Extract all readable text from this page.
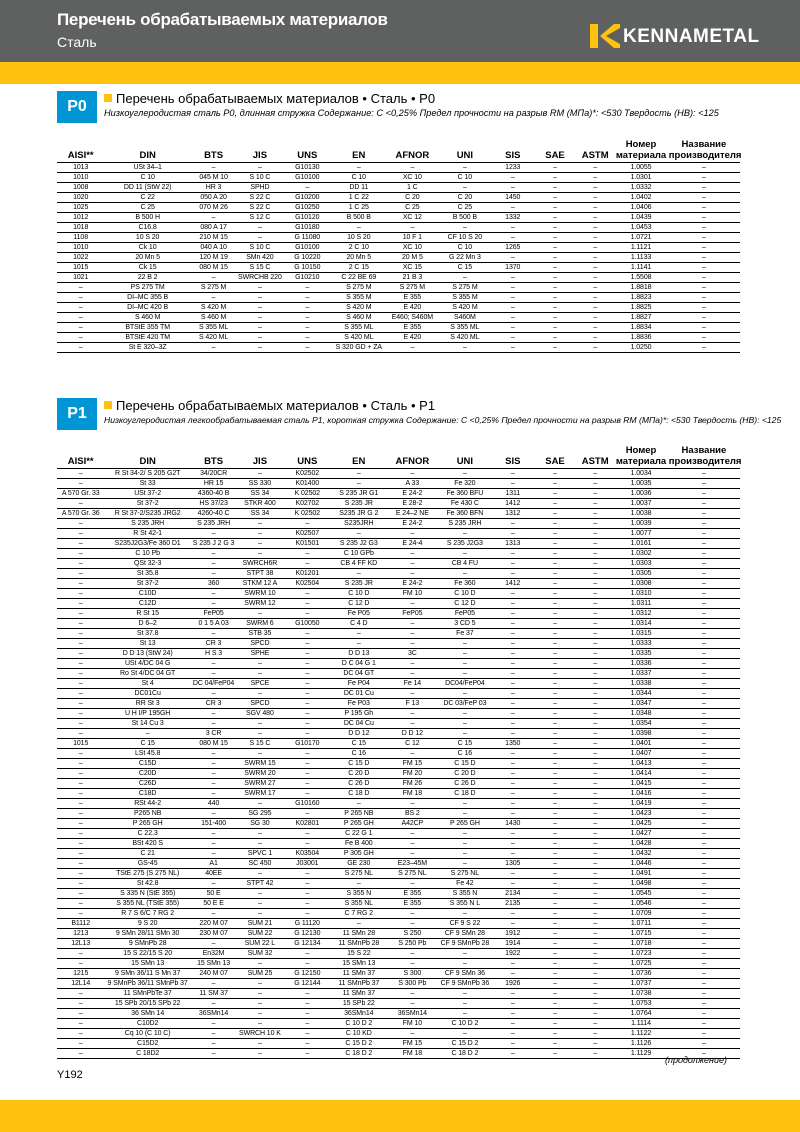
Перечень обрабатываемых материалов
Сталь	KENNAMETAL
P0	Перечень обрабатываемых материалов • Сталь • P0
Низкоуглеродистая сталь P0, длинная стружка Содержание: C <0,25% Предел прочности на разрыв RM (MПa)*: <530 Твердость (HB): <125
AISI**	DIN	BTS	JIS	UNS	EN	AFNOR	UNI	SIS	SAE	ASTM	Номер материала	Название производителя
1013	USt 34–1	–	–	G10130	–	–	–	1233	–	–	1.0055	–
1010	C 10	045 M 10	S 10 C	G10100	C 10	XC 10	C 10	–	–	–	1.0301	–
1008	DD 11 (StW 22)	HR 3	SPHD	–	DD 11	1 C	–	–	–	–	1.0332	–
1020	C 22	050 A 20	S 22 C	G10200	1 C 22	C 20	C 20	1450	–	–	1.0402	–
1025	C 25	070 M 26	S 22 C	G10250	1 C 25	C 25	C 25	–	–	–	1.0406	–
1012	B 500 H	–	S 12 C	G10120	B 500 B	XC 12	B 500 B	1332	–	–	1.0439	–
1018	C16.8	080 A 17	–	G10180	–	–	–	–	–	–	1.0453	–
1108	10 S 20	210 M 15	–	G 11080	10 S 20	10 F 1	CF 10 S 20	–	–	–	1.0721	–
1010	Ck 10	040 A 10	S 10 C	G10100	2 C 10	XC 10	C 10	1265	–	–	1.1121	–
1022	20 Mn 5	120 M 19	SMn 420	G 10220	20 Mn 5	20 M 5	G 22 Mn 3	–	–	–	1.1133	–
1015	Ck 15	080 M 15	S 15 C	G 10150	2 C 15	XC 15	C 15	1370	–	–	1.1141	–
1021	22 B 2	–	SWRCHB 220	G10210	C 22 BE 69	21 B 3	–	–	–	–	1.5508	–
–	PS 275 TM	S 275 M	–	–	S 275 M	S 275 M	S 275 M	–	–	–	1.8818	–
–	DI–MC 355 B	–	–	–	S 355 M	E 355	S 355 M	–	–	–	1.8823	–
–	DI–MC 420 B	S 420 M	–	–	S 420 M	E 420	S 420 M	–	–	–	1.8825	–
–	S 460 M	S 460 M	–	–	S 460 M	E460; S460M	S460M	–	–	–	1.8827	–
–	BTStE 355 TM	S 355 ML	–	–	S 355 ML	E 355	S 355 ML	–	–	–	1.8834	–
–	BTStE 420 TM	S 420 ML	–	–	S 420 ML	E 420	S 420 ML	–	–	–	1.8836	–
–	St E 320–3Z	–	–	–	S 320 GD + ZA	–	–	–	–	–	1.0250	–
P1	Перечень обрабатываемых материалов • Сталь • P1
Низкоуглеродистая легкообрабатываемая сталь P1, короткая стружка Содержание: C <0,25% Предел прочности на разрыв RM (MПa)*: <530 Твердость (HB): <125
AISI**	DIN	BTS	JIS	UNS	EN	AFNOR	UNI	SIS	SAE	ASTM	Номер материала	Название производителя
–	R St 34-2/ S 205 G2T	34/20CR	–	K02502	–	–	–	–	–	–	1.0034	–
–	St 33	HR 15	SS 330	K01400	–	A 33	Fe 320	–	–	–	1.0035	–
A 570 Gr. 33	USt 37-2	4360-40 B	SS 34	K 02502	S 235 JR G1	E 24-2	Fe 360 BFU	1311	–	–	1.0036	–
–	St 37-2	HS 37/23	STKR 400	K02702	S 235 JR	E 28-2	Fe 430 C	1412	–	–	1.0037	–
A 570 Gr. 36	R St 37-2/S235 JRG2	4260-40 C	SS 34	K 02502	S235 JR G 2	E 24–2 NE	Fe 360 BFN	1312	–	–	1.0038	–
–	S 235 JRH	S 235 JRH	–	–	S235JRH	E 24-2	S 235 JRH	–	–	–	1.0039	–
–	R St 42-1	–	–	K02507	–	–	–	–	–	–	1.0077	–
–	S235J2G3/Fe 360 D1	S 235 J 2 G 3	–	K01501	S 235 J2 G3	E 24-4	S 235 J2G3	1313	–	–	1.0161	–
–	C 10 Pb	–	–	–	C 10 GPb	–	–	–	–	–	1.0302	–
–	QSt 32-3	–	SWRCH6R	–	CB 4 FF KD	–	CB 4 FU	–	–	–	1.0303	–
–	St 35.8	–	STPT 38	K01201	–	–	–	–	–	–	1.0305	–
–	St 37-2	360	STKM 12 A	K02504	S 235 JR	E 24-2	Fe 360	1412	–	–	1.0308	–
–	C10D	–	SWRM 10	–	C 10 D	FM 10	C 10 D	–	–	–	1.0310	–
–	C12D	–	SWRM 12	–	C 12 D	–	C 12 D	–	–	–	1.0311	–
–	R St 15	FeP05	–	–	Fe P05	FeP05	FeP05	–	–	–	1.0312	–
–	D 6–2	0 1 5 A 03	SWRM 6	G10050	C 4 D	–	3 CD 5	–	–	–	1.0314	–
–	St 37.8	–	STB 35	–	–	–	Fe 37	–	–	–	1.0315	–
–	St 13	CR 3	SPCD	–	–	–	–	–	–	–	1.0333	–
–	D D 13 (StW 24)	H S 3	SPHE	–	D D 13	3C	–	–	–	–	1.0335	–
–	USt 4/DC 04 G	–	–	–	D C 04 G 1	–	–	–	–	–	1.0336	–
–	Ro St 4/DC 04 GT	–	–	–	DC 04 GT	–	–	–	–	–	1.0337	–
–	St 4	DC 04/FeP04	SPCE	–	Fe P04	Fe 14	DC04/FeP04	–	–	–	1.0338	–
–	DC01Cu	–	–	–	DC 01 Cu	–	–	–	–	–	1.0344	–
–	RR St 3	CR 3	SPCD	–	Fe P03	F 13	DC 03/FeP 03	–	–	–	1.0347	–
–	U H I/P 195GH	–	SGV 480	–	P 195 Gh	–	–	–	–	–	1.0348	–
–	St 14 Cu 3	–	–	–	DC 04 Cu	–	–	–	–	–	1.0354	–
–	–	3 CR	–	–	D D 12	D D 12	–	–	–	–	1.0398	–
1015	C 15	080 M 15	S 15 C	G10170	C 15	C 12	C 15	1350	–	–	1.0401	–
–	LSt 45.8	–	–	–	C 16	–	C 16	–	–	–	1.0407	–
–	C15D	–	SWRM 15	–	C 15 D	FM 15	C 15 D	–	–	–	1.0413	–
–	C20D	–	SWRM 20	–	C 20 D	FM 20	C 20 D	–	–	–	1.0414	–
–	C26D	–	SWRM 27	–	C 26 D	FM 26	C 26 D	–	–	–	1.0415	–
–	C18D	–	SWRM 17	–	C 18 D	FM 18	C 18 D	–	–	–	1.0416	–
–	RSt 44-2	440	–	G10160	–	–	–	–	–	–	1.0419	–
–	P265 NB	–	SG 295	–	P 265 NB	BS 2	–	–	–	–	1.0423	–
–	P 265 GH	151-400	SG 30	K02801	P 265 GH	A42CP	P 265 GH	1430	–	–	1.0425	–
–	C 22.3	–	–	–	C 22 G 1	–	–	–	–	–	1.0427	–
–	BSt 420 S	–	–	–	Fe B 400	–	–	–	–	–	1.0428	–
–	C 21	–	SPVC 1	K03504	P 305 GH	–	–	–	–	–	1.0432	–
–	GS-45	A1	SC 450	J03001	GE 230	E23–45M	–	1305	–	–	1.0446	–
–	TStE 275 (S 275 NL)	40EE	–	–	S 275 NL	S 275 NL	S 275 NL	–	–	–	1.0491	–
–	St 42.8	–	STPT 42	–	–	–	Fe 42	–	–	–	1.0498	–
–	S 335 N (StE 355)	50 E	–	–	S 355 N	E 355	S 355 N	2134	–	–	1.0545	–
–	S 355 NL (TStE 355)	50 E E	–	–	S 355 NL	E 355	S 355 N L	2135	–	–	1.0546	–
–	R 7 S 6/C 7 RG 2	–	–	–	C 7 RG 2	–	–	–	–	–	1.0709	–
B1112	9 S 20	220 M 07	SUM 21	G 11120	–	–	CF 9 S 22	–	–	–	1.0711	–
1213	9 SMn 28/11 SMn 30	230 M 07	SUM 22	G 12130	11 SMn 28	S 250	CF 9 SMn 28	1912	–	–	1.0715	–
12L13	9 SMnPb 28	–	SUM 22 L	G 12134	11 SMnPb 28	S 250 Pb	CF 9 SMnPb 28	1914	–	–	1.0718	–
–	15 S 22/15 S 20	En32M	SUM 32	–	15 S 22	–	–	1922	–	–	1.0723	–
–	15 SMn 13	15 SMn 13	–	–	15 SMn 13	–	–	–	–	–	1.0725	–
1215	9 SMn 36/11 S Mn 37	240 M 07	SUM 25	G 12150	11 SMn 37	S 300	CF 9 SMn 36	–	–	–	1.0736	–
12L14	9 SMnPb 36/11 SMnPb 37	–	–	G 12144	11 SMnPb 37	S 300 Pb	CF 9 SMnPb 36	1926	–	–	1.0737	–
–	11 SMnPbTe 37	11 SM 37	–	–	11 SMn 37	–	–	–	–	–	1.0738	–
–	15 SPb 20/15 SPb 22	–	–	–	15 SPb 22	–	–	–	–	–	1.0753	–
–	36 SMn 14	36SMn14	–	–	36SMn14	36SMn14	–	–	–	–	1.0764	–
–	C10D2	–	–	–	C 10 D 2	FM 10	C 10 D 2	–	–	–	1.1114	–
–	Cq 10 (C 10 C)	–	SWRCH 10 K	–	C 10 KD	–	–	–	–	–	1.1122	–
–	C15D2	–	–	–	C 15 D 2	FM 15	C 15 D 2	–	–	–	1.1126	–
–	C 18D2	–	–	–	C 18 D 2	FM 18	C 18 D 2	–	–	–	1.1129	–
(продолжение)
Y192
